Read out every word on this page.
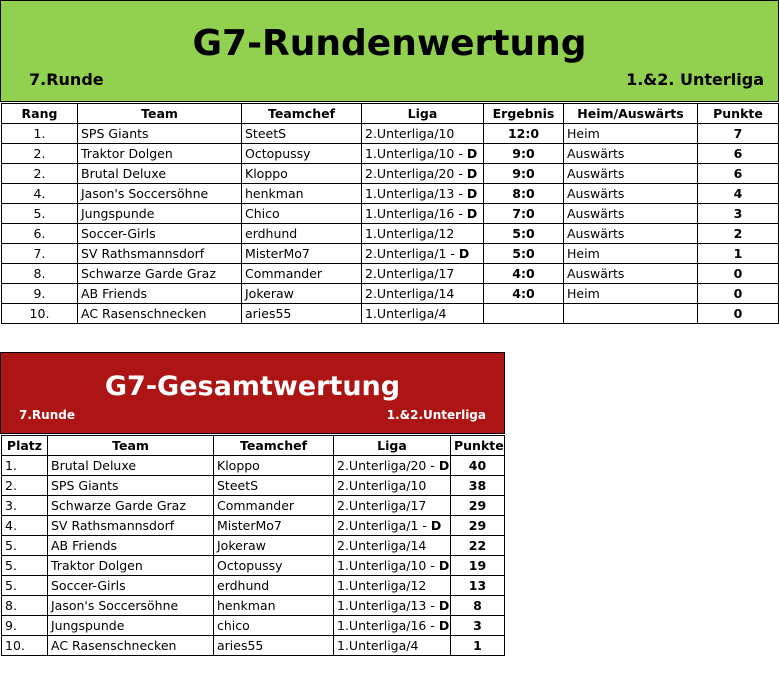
G7-Rundenwertung
7.Runde	1.&2. Unterliga
Rang	Team	Teamchef	Liga	Ergebnis	Heim/Auswärts	Punkte
1.	SPS Giants	SteetS	2.Unterliga/10	12:0	Heim	7
2.	Traktor Dolgen	Octopussy	1.Unterliga/10 - D	9:0	Auswärts	6
2.	Brutal Deluxe	Kloppo	2.Unterliga/20 - D	9:0	Auswärts	6
4.	Jason's Soccersöhne	henkman	1.Unterliga/13 - D	8:0	Auswärts	4
5.	Jungspunde	Chico	1.Unterliga/16 - D	7:0	Auswärts	3
6.	Soccer-Girls	erdhund	1.Unterliga/12	5:0	Auswärts	2
7.	SV Rathsmannsdorf	MisterMo7	2.Unterliga/1 - D	5:0	Heim	1
8.	Schwarze Garde Graz	Commander	2.Unterliga/17	4:0	Auswärts	0
9.	AB Friends	Jokeraw	2.Unterliga/14	4:0	Heim	0
10.	AC Rasenschnecken	aries55	1.Unterliga/4			0
G7-Gesamtwertung
7.Runde	1.&2.Unterliga
Platz	Team	Teamchef	Liga	Punkte
1.	Brutal Deluxe	Kloppo	2.Unterliga/20 - D	40
2.	SPS Giants	SteetS	2.Unterliga/10	38
3.	Schwarze Garde Graz	Commander	2.Unterliga/17	29
4.	SV Rathsmannsdorf	MisterMo7	2.Unterliga/1 - D	29
5.	AB Friends	Jokeraw	2.Unterliga/14	22
5.	Traktor Dolgen	Octopussy	1.Unterliga/10 - D	19
5.	Soccer-Girls	erdhund	1.Unterliga/12	13
8.	Jason's Soccersöhne	henkman	1.Unterliga/13 - D	8
9.	Jungspunde	chico	1.Unterliga/16 - D	3
10.	AC Rasenschnecken	aries55	1.Unterliga/4	1
